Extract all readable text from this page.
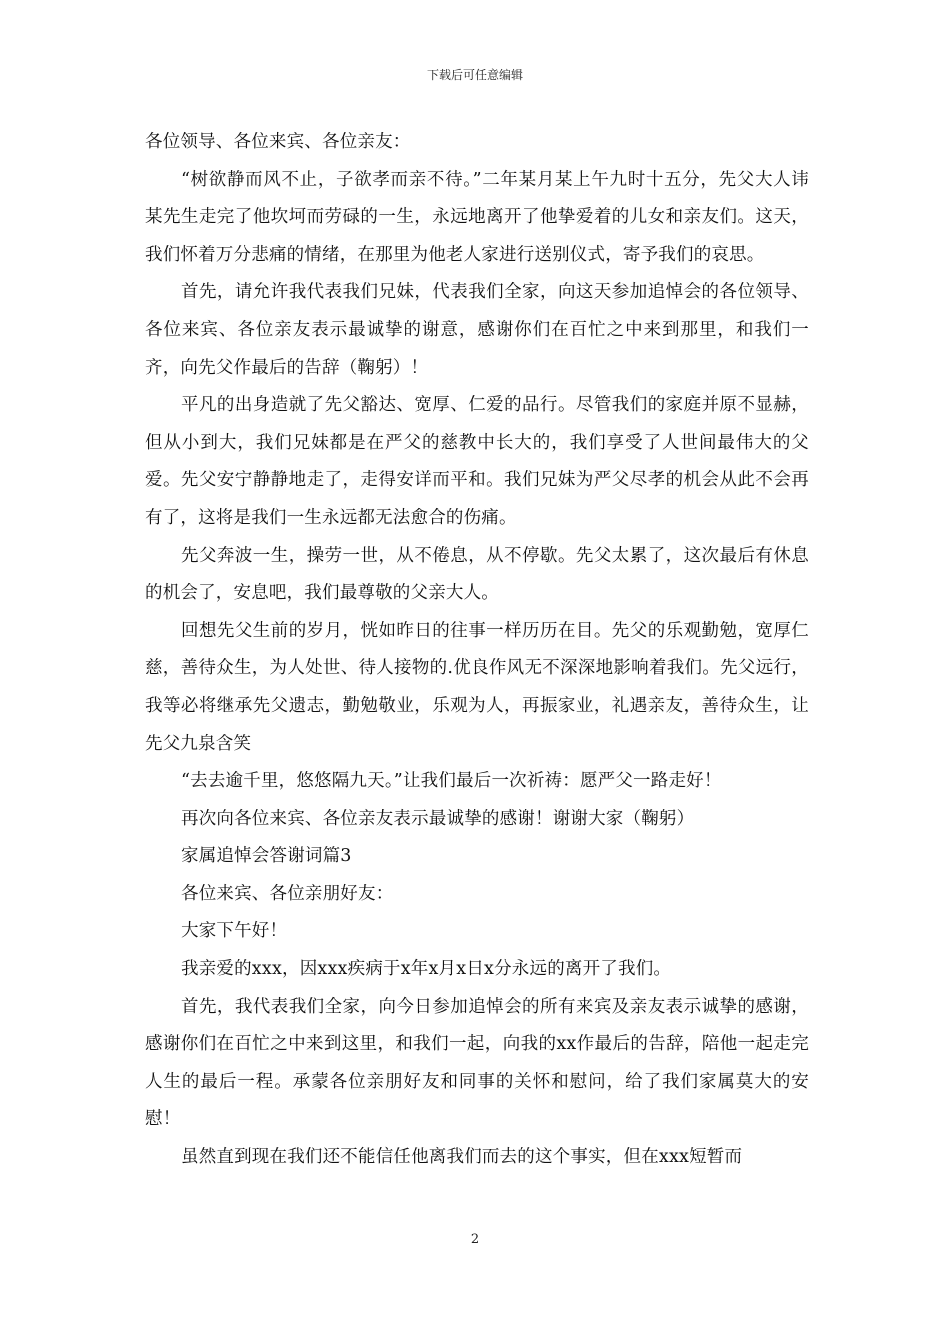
下载后可任意编辑

各位领导、各位来宾、各位亲友：

“树欲静而风不止，子欲孝而亲不待。”二年某月某上午九时十五分，先父大人讳某先生走完了他坎坷而劳碌的一生，永远地离开了他挚爱着的儿女和亲友们。这天，我们怀着万分悲痛的情绪，在那里为他老人家进行送别仪式，寄予我们的哀思。

首先，请允许我代表我们兄妹，代表我们全家，向这天参加追悼会的各位领导、各位来宾、各位亲友表示最诚挚的谢意，感谢你们在百忙之中来到那里，和我们一齐，向先父作最后的告辞（鞠躬）！

平凡的出身造就了先父豁达、宽厚、仁爱的品行。尽管我们的家庭并原不显赫，但从小到大，我们兄妹都是在严父的慈教中长大的，我们享受了人世间最伟大的父爱。先父安宁静静地走了，走得安详而平和。我们兄妹为严父尽孝的机会从此不会再有了，这将是我们一生永远都无法愈合的伤痛。

先父奔波一生，操劳一世，从不倦息，从不停歇。先父太累了，这次最后有休息的机会了，安息吧，我们最尊敬的父亲大人。

回想先父生前的岁月，恍如昨日的往事一样历历在目。先父的乐观勤勉，宽厚仁慈，善待众生，为人处世、待人接物的.优良作风无不深深地影响着我们。先父远行，我等必将继承先父遗志，勤勉敬业，乐观为人，再振家业，礼遇亲友，善待众生，让先父九泉含笑

“去去逾千里，悠悠隔九天。”让我们最后一次祈祷：愿严父一路走好！

再次向各位来宾、各位亲友表示最诚挚的感谢！谢谢大家（鞠躬）

家属追悼会答谢词篇3

各位来宾、各位亲朋好友：

大家下午好！

我亲爱的xxx，因xxx疾病于x年x月x日x分永远的离开了我们。

首先，我代表我们全家，向今日参加追悼会的所有来宾及亲友表示诚挚的感谢，感谢你们在百忙之中来到这里，和我们一起，向我的xx作最后的告辞，陪他一起走完人生的最后一程。承蒙各位亲朋好友和同事的关怀和慰问，给了我们家属莫大的安慰！

虽然直到现在我们还不能信任他离我们而去的这个事实，但在xxx短暂而

2
